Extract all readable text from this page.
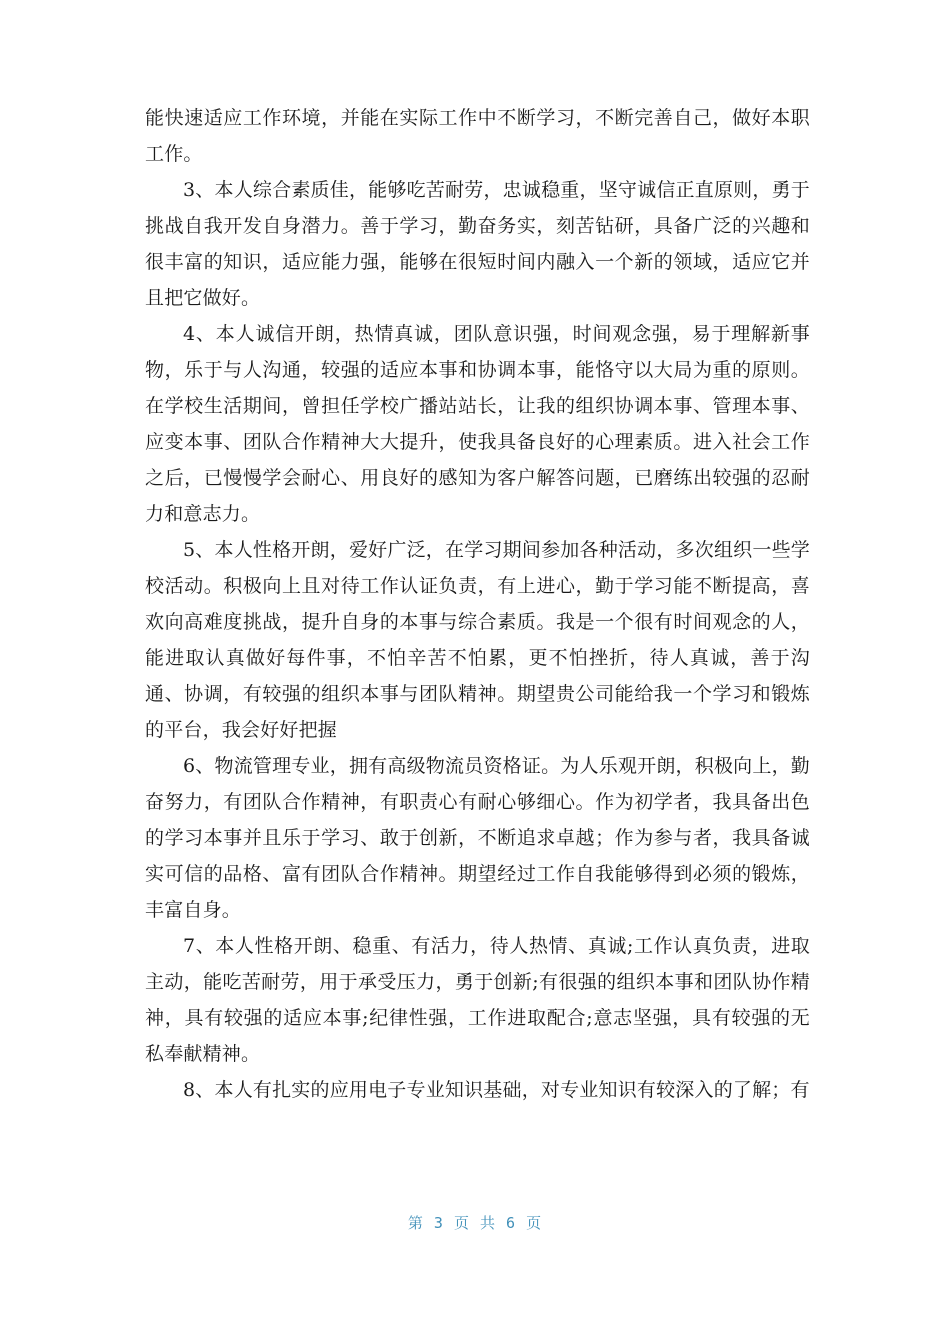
能快速适应工作环境，并能在实际工作中不断学习，不断完善自己，做好本职工作。

3、本人综合素质佳，能够吃苦耐劳，忠诚稳重，坚守诚信正直原则，勇于挑战自我开发自身潜力。善于学习，勤奋务实，刻苦钻研，具备广泛的兴趣和很丰富的知识，适应能力强，能够在很短时间内融入一个新的领域，适应它并且把它做好。

4、本人诚信开朗，热情真诚，团队意识强，时间观念强，易于理解新事物，乐于与人沟通，较强的适应本事和协调本事，能恪守以大局为重的原则。在学校生活期间，曾担任学校广播站站长，让我的组织协调本事、管理本事、应变本事、团队合作精神大大提升，使我具备良好的心理素质。进入社会工作之后，已慢慢学会耐心、用良好的感知为客户解答问题，已磨练出较强的忍耐力和意志力。

5、本人性格开朗，爱好广泛，在学习期间参加各种活动，多次组织一些学校活动。积极向上且对待工作认证负责，有上进心，勤于学习能不断提高，喜欢向高难度挑战，提升自身的本事与综合素质。我是一个很有时间观念的人，能进取认真做好每件事，不怕辛苦不怕累，更不怕挫折，待人真诚，善于沟通、协调，有较强的组织本事与团队精神。期望贵公司能给我一个学习和锻炼的平台，我会好好把握

6、物流管理专业，拥有高级物流员资格证。为人乐观开朗，积极向上，勤奋努力，有团队合作精神，有职责心有耐心够细心。作为初学者，我具备出色的学习本事并且乐于学习、敢于创新，不断追求卓越；作为参与者，我具备诚实可信的品格、富有团队合作精神。期望经过工作自我能够得到必须的锻炼，丰富自身。

7、本人性格开朗、稳重、有活力，待人热情、真诚;工作认真负责，进取主动，能吃苦耐劳，用于承受压力，勇于创新;有很强的组织本事和团队协作精神，具有较强的适应本事;纪律性强，工作进取配合;意志坚强，具有较强的无私奉献精神。

8、本人有扎实的应用电子专业知识基础，对专业知识有较深入的了解；有

第 3 页 共 6 页
